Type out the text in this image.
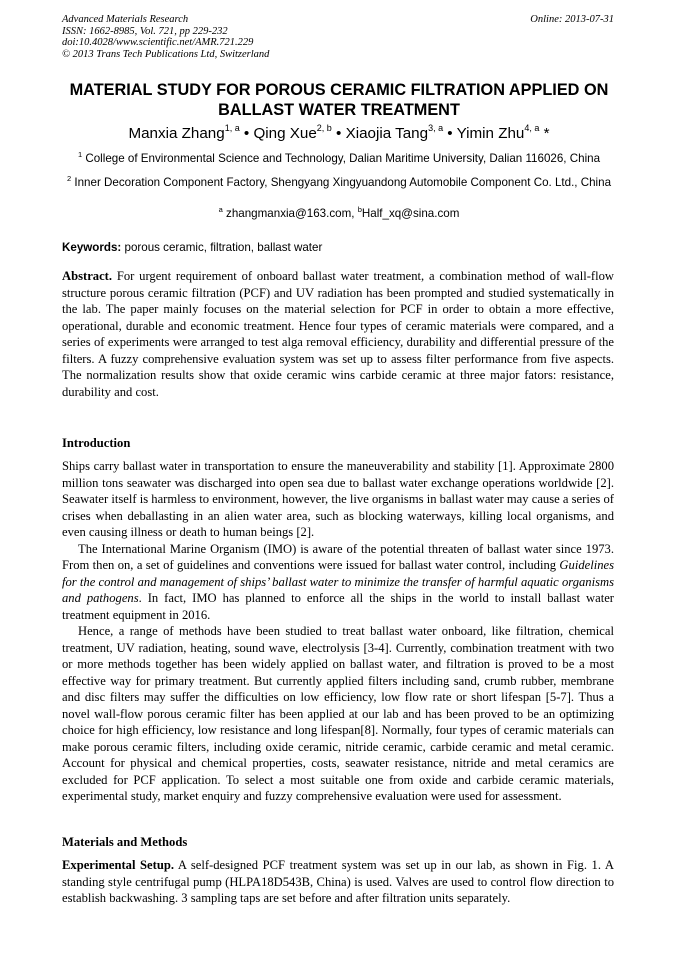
Advanced Materials Research
ISSN: 1662-8985, Vol. 721, pp 229-232
doi:10.4028/www.scientific.net/AMR.721.229
© 2013 Trans Tech Publications Ltd, Switzerland
Online: 2013-07-31
MATERIAL STUDY FOR POROUS CERAMIC FILTRATION APPLIED ON BALLAST WATER TREATMENT
Manxia Zhang$^{1, a}$ • Qing Xue$^{2, b}$ • Xiaojia Tang$^{3, a}$ • Yimin Zhu$^{4, a}$ *
$^1$ College of Environmental Science and Technology, Dalian Maritime University, Dalian 116026, China
$^2$ Inner Decoration Component Factory, Shengyang Xingyuandong Automobile Component Co. Ltd., China
$^a$ zhangmanxia@163.com, $^b$Half_xq@sina.com
Keywords: porous ceramic, filtration, ballast water

Abstract. For urgent requirement of onboard ballast water treatment, a combination method of wall-flow structure porous ceramic filtration (PCF) and UV radiation has been prompted and studied systematically in the lab. The paper mainly focuses on the material selection for PCF in order to obtain a more effective, operational, durable and economic treatment. Hence four types of ceramic materials were compared, and a series of experiments were arranged to test alga removal efficiency, durability and differential pressure of the filters. A fuzzy comprehensive evaluation system was set up to assess filter performance from five aspects. The normalization results show that oxide ceramic wins carbide ceramic at three major fators: resistance, durability and cost.

Introduction

Ships carry ballast water in transportation to ensure the maneuverability and stability [1]. Approximate 2800 million tons seawater was discharged into open sea due to ballast water exchange operations worldwide [2]. Seawater itself is harmless to environment, however, the live organisms in ballast water may cause a series of crises when deballasting in an alien water area, such as blocking waterways, killing local organisms, and even causing illness or death to human beings [2].

The International Marine Organism (IMO) is aware of the potential threaten of ballast water since 1973. From then on, a set of guidelines and conventions were issued for ballast water control, including Guidelines for the control and management of ships’ ballast water to minimize the transfer of harmful aquatic organisms and pathogens. In fact, IMO has planned to enforce all the ships in the world to install ballast water treatment equipment in 2016.

Hence, a range of methods have been studied to treat ballast water onboard, like filtration, chemical treatment, UV radiation, heating, sound wave, electrolysis [3-4]. Currently, combination treatment with two or more methods together has been widely applied on ballast water, and filtration is proved to be a most effective way for primary treatment. But currently applied filters including sand, crumb rubber, membrane and disc filters may suffer the difficulties on low efficiency, low flow rate or short lifespan [5-7]. Thus a novel wall-flow porous ceramic filter has been applied at our lab and has been proved to be an optimizing choice for high efficiency, low resistance and long lifespan[8]. Normally, four types of ceramic materials can make porous ceramic filters, including oxide ceramic, nitride ceramic, carbide ceramic and metal ceramic. Account for physical and chemical properties, costs, seawater resistance, nitride and metal ceramics are excluded for PCF application. To select a most suitable one from oxide and carbide ceramic materials, experimental study, market enquiry and fuzzy comprehensive evaluation were used for assessment.

Materials and Methods

Experimental Setup. A self-designed PCF treatment system was set up in our lab, as shown in Fig. 1. A standing style centrifugal pump (HLPA18D543B, China) is used. Valves are used to control flow direction to establish backwashing. 3 sampling taps are set before and after filtration units separately.
